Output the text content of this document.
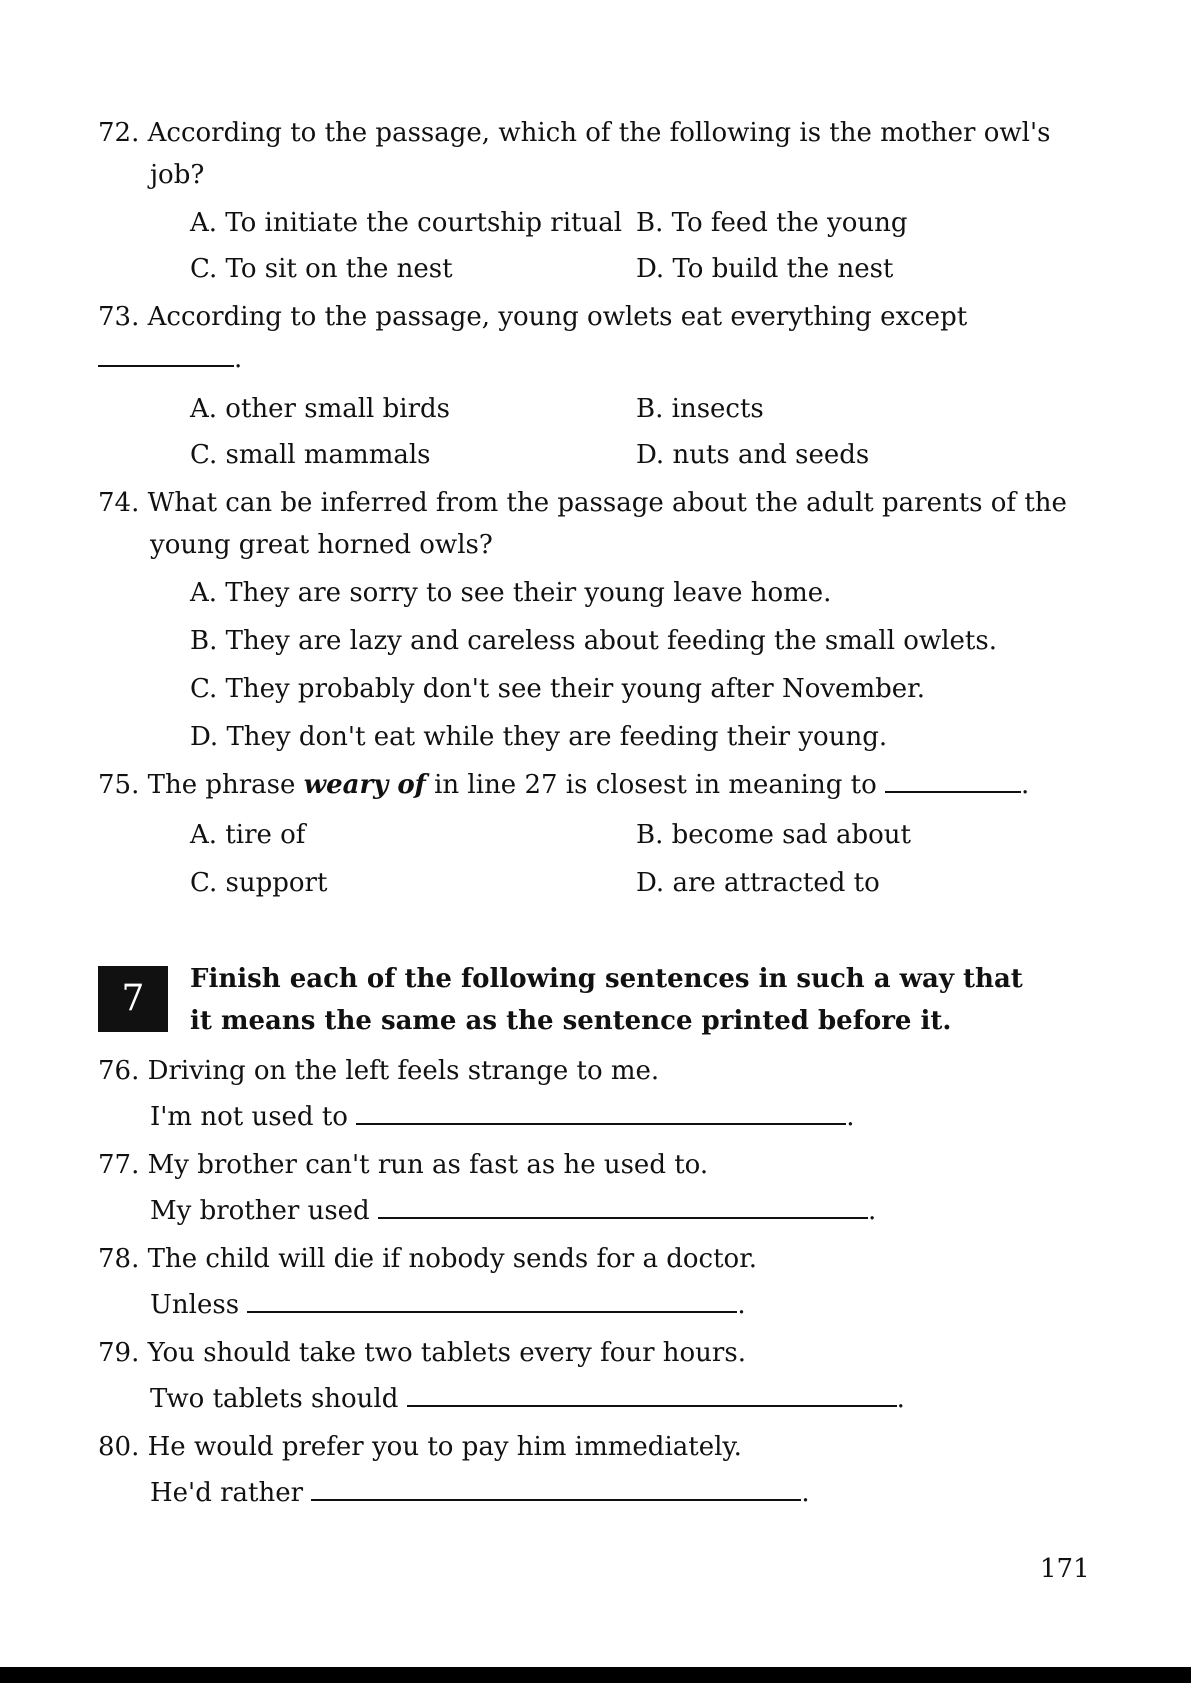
72. According to the passage, which of the following is the mother owl's
job?
A. To initiate the courtship ritual B. To feed the young
C. To sit on the nest	D. To build the nest
73. According to the passage, young owlets eat everything except
.
A. other small birds	B. insects
C. small mammals	D. nuts and seeds
74. What can be inferred from the passage about the adult parents of the
young great horned owls?
A. They are sorry to see their young leave home.
B. They are lazy and careless about feeding the small owlets.
C. They probably don't see their young after November.
D. They don't eat while they are feeding their young.
75. The phrase weary of in line 27 is closest in meaning to	.
A. tire of	B. become sad about
C. support	D. are attracted to
7	Finish each of the following sentences in such a way that
it means the same as the sentence printed before it.
76. Driving on the left feels strange to me.
I'm not used to	.
77. My brother can't run as fast as he used to.
My brother used	.
78. The child will die if nobody sends for a doctor.
Unless	.
79. You should take two tablets every four hours.
Two tablets should	.
80. He would prefer you to pay him immediately.
He'd rather	.
171
